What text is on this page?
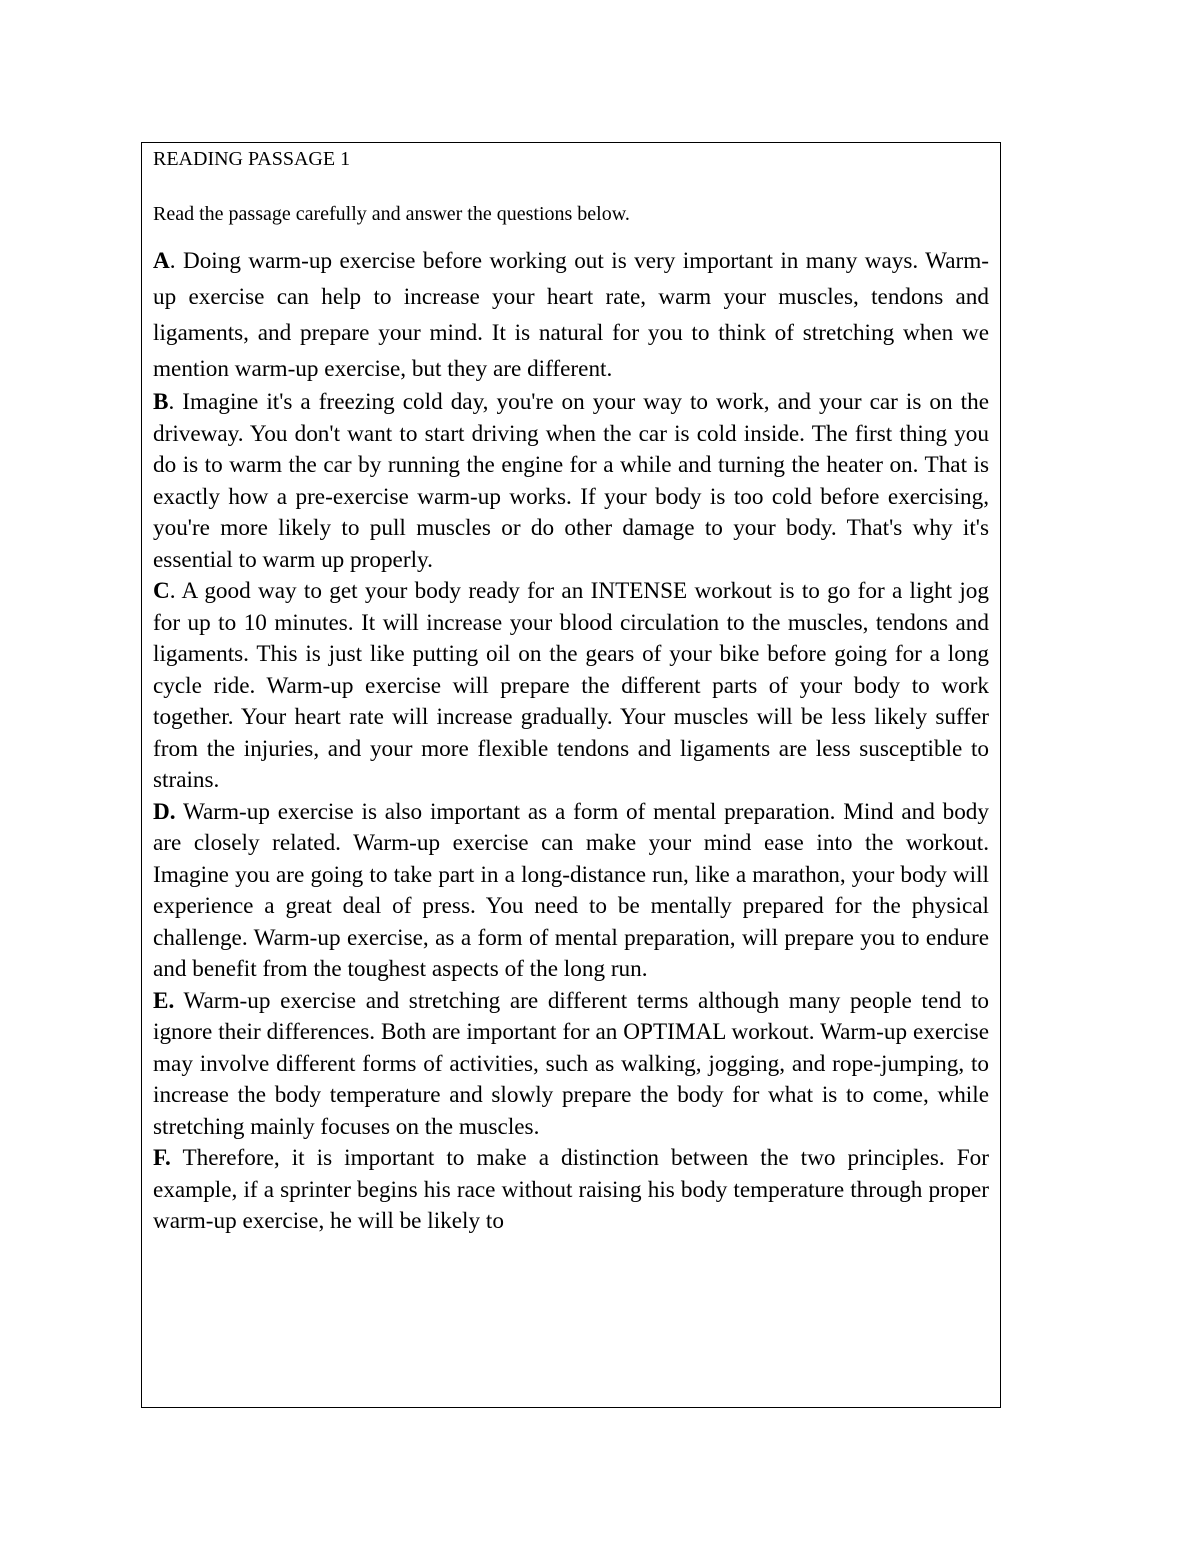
READING PASSAGE 1

Read the passage carefully and answer the questions below.

A. Doing warm-up exercise before working out is very important in many ways. Warm-up exercise can help to increase your heart rate, warm your muscles, tendons and ligaments, and prepare your mind. It is natural for you to think of stretching when we mention warm-up exercise, but they are different.

B. Imagine it's a freezing cold day, you're on your way to work, and your car is on the driveway. You don't want to start driving when the car is cold inside. The first thing you do is to warm the car by running the engine for a while and turning the heater on. That is exactly how a pre-exercise warm-up works. If your body is too cold before exercising, you're more likely to pull muscles or do other damage to your body. That's why it's essential to warm up properly.

C. A good way to get your body ready for an INTENSE workout is to go for a light jog for up to 10 minutes. It will increase your blood circulation to the muscles, tendons and ligaments. This is just like putting oil on the gears of your bike before going for a long cycle ride. Warm-up exercise will prepare the different parts of your body to work together. Your heart rate will increase gradually. Your muscles will be less likely suffer from the injuries, and your more flexible tendons and ligaments are less susceptible to strains.

D. Warm-up exercise is also important as a form of mental preparation. Mind and body are closely related. Warm-up exercise can make your mind ease into the workout. Imagine you are going to take part in a long-distance run, like a marathon, your body will experience a great deal of press. You need to be mentally prepared for the physical challenge. Warm-up exercise, as a form of mental preparation, will prepare you to endure and benefit from the toughest aspects of the long run.

E. Warm-up exercise and stretching are different terms although many people tend to ignore their differences. Both are important for an OPTIMAL workout. Warm-up exercise may involve different forms of activities, such as walking, jogging, and rope-jumping, to increase the body temperature and slowly prepare the body for what is to come, while stretching mainly focuses on the muscles.

F. Therefore, it is important to make a distinction between the two principles. For example, if a sprinter begins his race without raising his body temperature through proper warm-up exercise, he will be likely to
